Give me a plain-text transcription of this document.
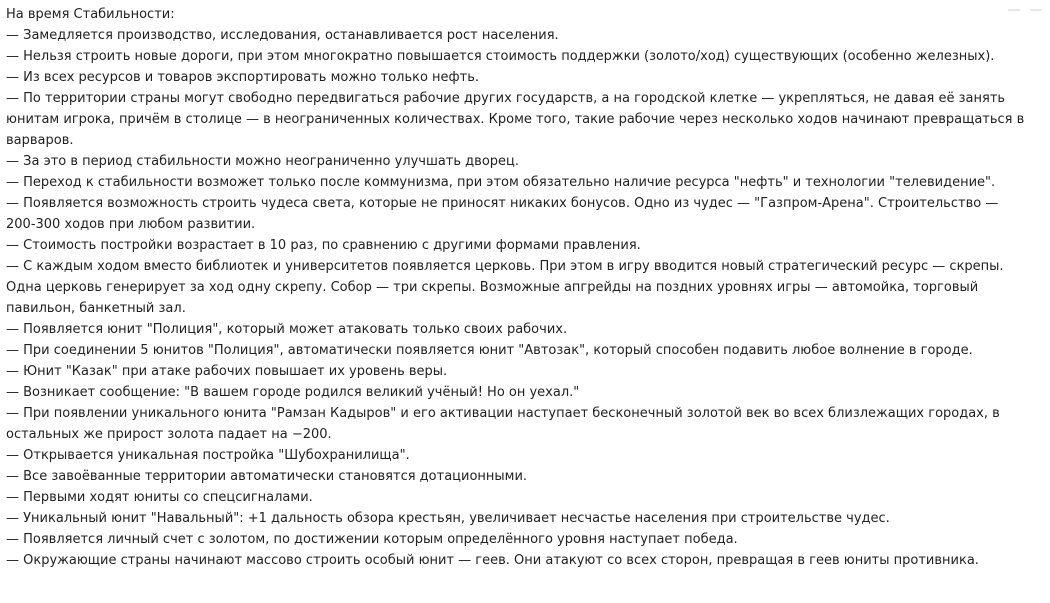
На время Стабильности:

— Замедляется производство, исследования, останавливается рост населения.

— Нельзя строить новые дороги, при этом многократно повышается стоимость поддержки (золото/ход) существующих (особенно железных).

— Из всех ресурсов и товаров экспортировать можно только нефть.

— По территории страны могут свободно передвигаться рабочие других государств, а на городской клетке — укрепляться, не давая её занять юнитам игрока, причём в столице — в неограниченных количествах. Кроме того, такие рабочие через несколько ходов начинают превращаться в варваров.

— За это в период стабильности можно неограниченно улучшать дворец.

— Переход к стабильности возможет только после коммунизма, при этом обязательно наличие ресурса "нефть" и технологии "телевидение".

— Появляется возможность строить чудеса света, которые не приносят никаких бонусов. Одно из чудес — "Газпром-Арена". Строительство — 200-300 ходов при любом развитии.

— Стоимость постройки возрастает в 10 раз, по сравнению с другими формами правления.

— С каждым ходом вместо библиотек и университетов появляется церковь. При этом в игру вводится новый стратегический ресурс — скрепы. Одна церковь генерирует за ход одну скрепу. Собор — три скрепы. Возможные апгрейды на поздних уровнях игры — автомойка, торговый павильон, банкетный зал.

— Появляется юнит "Полиция", который может атаковать только своих рабочих.

— При соединении 5 юнитов "Полиция", автоматически появляется юнит "Автозак", который способен подавить любое волнение в городе.

— Юнит "Казак" при атаке рабочих повышает их уровень веры.

— Возникает сообщение: "В вашем городе родился великий учёный! Но он уехал."

— При появлении уникального юнита "Рамзан Кадыров" и его активации наступает бесконечный золотой век во всех близлежащих городах, в остальных же прирост золота падает на −200.

— Открывается уникальная постройка "Шубохранилища".

— Все завоёванные территории автоматически становятся дотационными.

— Первыми ходят юниты со спецсигналами.

— Уникальный юнит "Навальный": +1 дальность обзора крестьян, увеличивает несчастье населения при строительстве чудес.

— Появляется личный счет с золотом, по достижении которым определённого уровня наступает победа.

— Окружающие страны начинают массово строить особый юнит — геев. Они атакуют со всех сторон, превращая в геев юниты противника.
